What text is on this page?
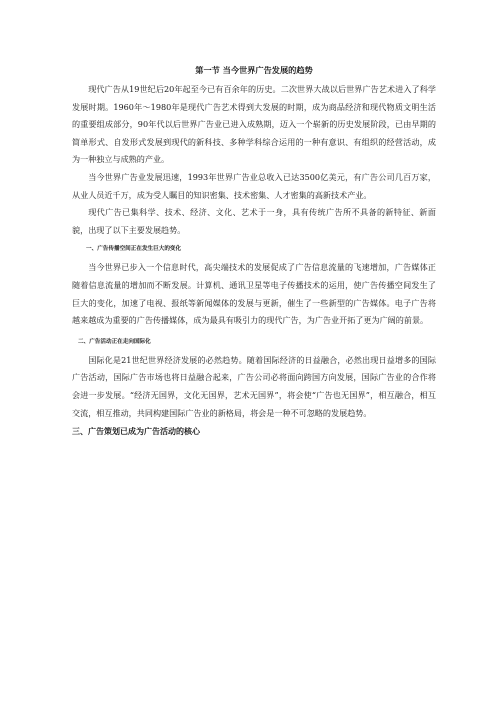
第一节 当今世界广告发展的趋势

现代广告从19世纪后20年起至今已有百余年的历史。二次世界大战以后世界广告艺术进入了科学发展时期。1960年～1980年是现代广告艺术得到大发展的时期，成为商品经济和现代物质文明生活的重要组成部分，90年代以后世界广告业已进入成熟期，迈入一个崭新的历史发展阶段，已由早期的简单形式、自发形式发展到现代的新科技、多种学科综合运用的一种有意识、有组织的经营活动，成为一种独立与成熟的产业。

当今世界广告业发展迅速，1993年世界广告业总收入已达3500亿美元，有广告公司几百万家，从业人员近千万，成为受人瞩目的知识密集、技术密集、人才密集的高新技术产业。

现代广告已集科学、技术、经济、文化、艺术于一身，具有传统广告所不具备的新特征、新面貌，出现了以下主要发展趋势。

一、广告传播空间正在发生巨大的变化

当今世界已步入一个信息时代，高尖端技术的发展促成了广告信息流量的飞速增加，广告媒体正随着信息流量的增加而不断发展。计算机、通讯卫星等电子传播技术的运用，使广告传播空间发生了巨大的变化，加速了电视、报纸等新闻媒体的发展与更新，催生了一些新型的广告媒体。电子广告将越来越成为重要的广告传播媒体，成为最具有吸引力的现代广告，为广告业开拓了更为广阔的前景。

二、广告活动正在走向国际化

国际化是21世纪世界经济发展的必然趋势。随着国际经济的日益融合，必然出现日益增多的国际广告活动，国际广告市场也将日益融合起来，广告公司必将面向跨国方向发展，国际广告业的合作将会进一步发展。“经济无国界，文化无国界，艺术无国界”，将会使“广告也无国界”，相互融合，相互交流，相互推动，共同构建国际广告业的新格局，将会是一种不可忽略的发展趋势。

三、广告策划已成为广告活动的核心
